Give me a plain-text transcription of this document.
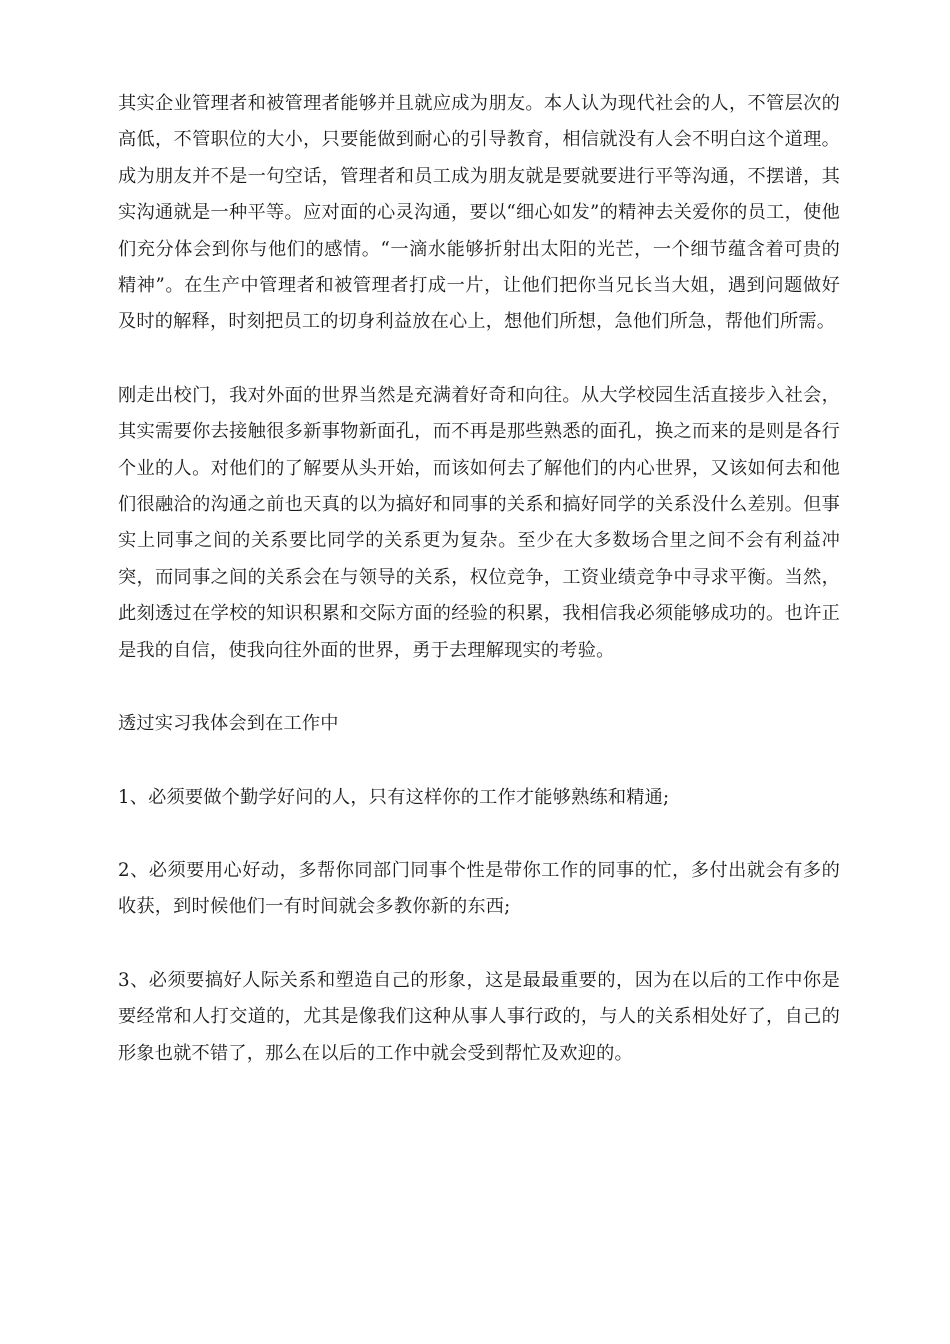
其实企业管理者和被管理者能够并且就应成为朋友。本人认为现代社会的人，不管层次的高低，不管职位的大小，只要能做到耐心的引导教育，相信就没有人会不明白这个道理。成为朋友并不是一句空话，管理者和员工成为朋友就是要就要进行平等沟通，不摆谱，其实沟通就是一种平等。应对面的心灵沟通，要以“细心如发”的精神去关爱你的员工，使他们充分体会到你与他们的感情。“一滴水能够折射出太阳的光芒，一个细节蕴含着可贵的精神”。在生产中管理者和被管理者打成一片，让他们把你当兄长当大姐，遇到问题做好及时的解释，时刻把员工的切身利益放在心上，想他们所想，急他们所急，帮他们所需。

刚走出校门，我对外面的世界当然是充满着好奇和向往。从大学校园生活直接步入社会，其实需要你去接触很多新事物新面孔，而不再是那些熟悉的面孔，换之而来的是则是各行个业的人。对他们的了解要从头开始，而该如何去了解他们的内心世界，又该如何去和他们很融洽的沟通之前也天真的以为搞好和同事的关系和搞好同学的关系没什么差别。但事实上同事之间的关系要比同学的关系更为复杂。至少在大多数场合里之间不会有利益冲突，而同事之间的关系会在与领导的关系，权位竞争，工资业绩竞争中寻求平衡。当然，此刻透过在学校的知识积累和交际方面的经验的积累，我相信我必须能够成功的。也许正是我的自信，使我向往外面的世界，勇于去理解现实的考验。

透过实习我体会到在工作中

1、必须要做个勤学好问的人，只有这样你的工作才能够熟练和精通;

2、必须要用心好动，多帮你同部门同事个性是带你工作的同事的忙，多付出就会有多的收获，到时候他们一有时间就会多教你新的东西;

3、必须要搞好人际关系和塑造自己的形象，这是最最重要的，因为在以后的工作中你是要经常和人打交道的，尤其是像我们这种从事人事行政的，与人的关系相处好了，自己的形象也就不错了，那么在以后的工作中就会受到帮忙及欢迎的。
